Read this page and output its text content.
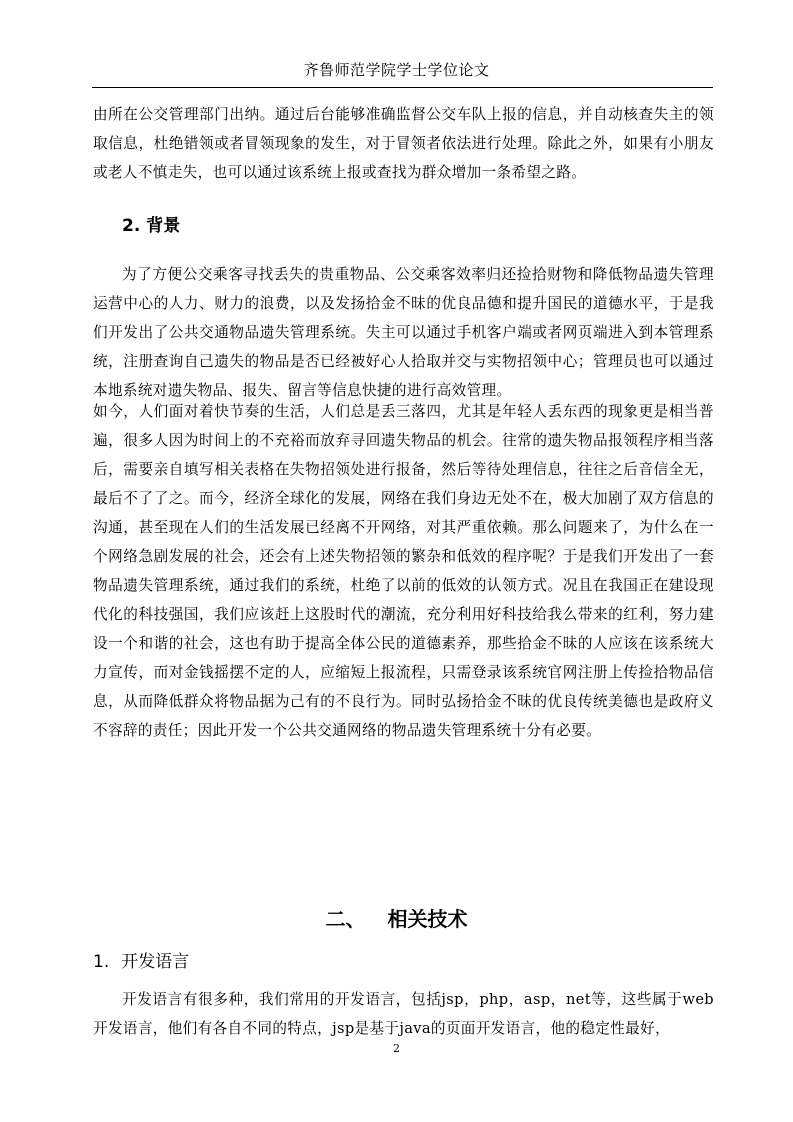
齐鲁师范学院学士学位论文
由所在公交管理部门出纳。通过后台能够准确监督公交车队上报的信息，并自动核查失主的领取信息，杜绝错领或者冒领现象的发生，对于冒领者依法进行处理。除此之外，如果有小朋友或老人不慎走失，也可以通过该系统上报或查找为群众增加一条希望之路。
2. 背景
为了方便公交乘客寻找丢失的贵重物品、公交乘客效率归还捡拾财物和降低物品遗失管理运营中心的人力、财力的浪费，以及发扬拾金不昧的优良品德和提升国民的道德水平，于是我们开发出了公共交通物品遗失管理系统。失主可以通过手机客户端或者网页端进入到本管理系统，注册查询自己遗失的物品是否已经被好心人拾取并交与实物招领中心；管理员也可以通过本地系统对遗失物品、报失、留言等信息快捷的进行高效管理。
如今，人们面对着快节奏的生活，人们总是丢三落四，尤其是年轻人丢东西的现象更是相当普遍，很多人因为时间上的不充裕而放弃寻回遗失物品的机会。往常的遗失物品报领程序相当落后，需要亲自填写相关表格在失物招领处进行报备，然后等待处理信息，往往之后音信全无，最后不了了之。而今，经济全球化的发展，网络在我们身边无处不在，极大加剧了双方信息的沟通，甚至现在人们的生活发展已经离不开网络，对其严重依赖。那么问题来了，为什么在一个网络急剧发展的社会，还会有上述失物招领的繁杂和低效的程序呢？于是我们开发出了一套物品遗失管理系统，通过我们的系统，杜绝了以前的低效的认领方式。况且在我国正在建设现代化的科技强国，我们应该赶上这股时代的潮流，充分利用好科技给我么带来的红利，努力建设一个和谐的社会，这也有助于提高全体公民的道德素养，那些拾金不昧的人应该在该系统大力宣传，而对金钱摇摆不定的人，应缩短上报流程，只需登录该系统官网注册上传捡拾物品信息，从而降低群众将物品据为己有的不良行为。同时弘扬拾金不昧的优良传统美德也是政府义不容辞的责任；因此开发一个公共交通网络的物品遗失管理系统十分有必要。
二、 相关技术
1. 开发语言
开发语言有很多种，我们常用的开发语言，包括jsp，php，asp，net等，这些属于web开发语言，他们有各自不同的特点，jsp是基于java的页面开发语言，他的稳定性最好，
2
